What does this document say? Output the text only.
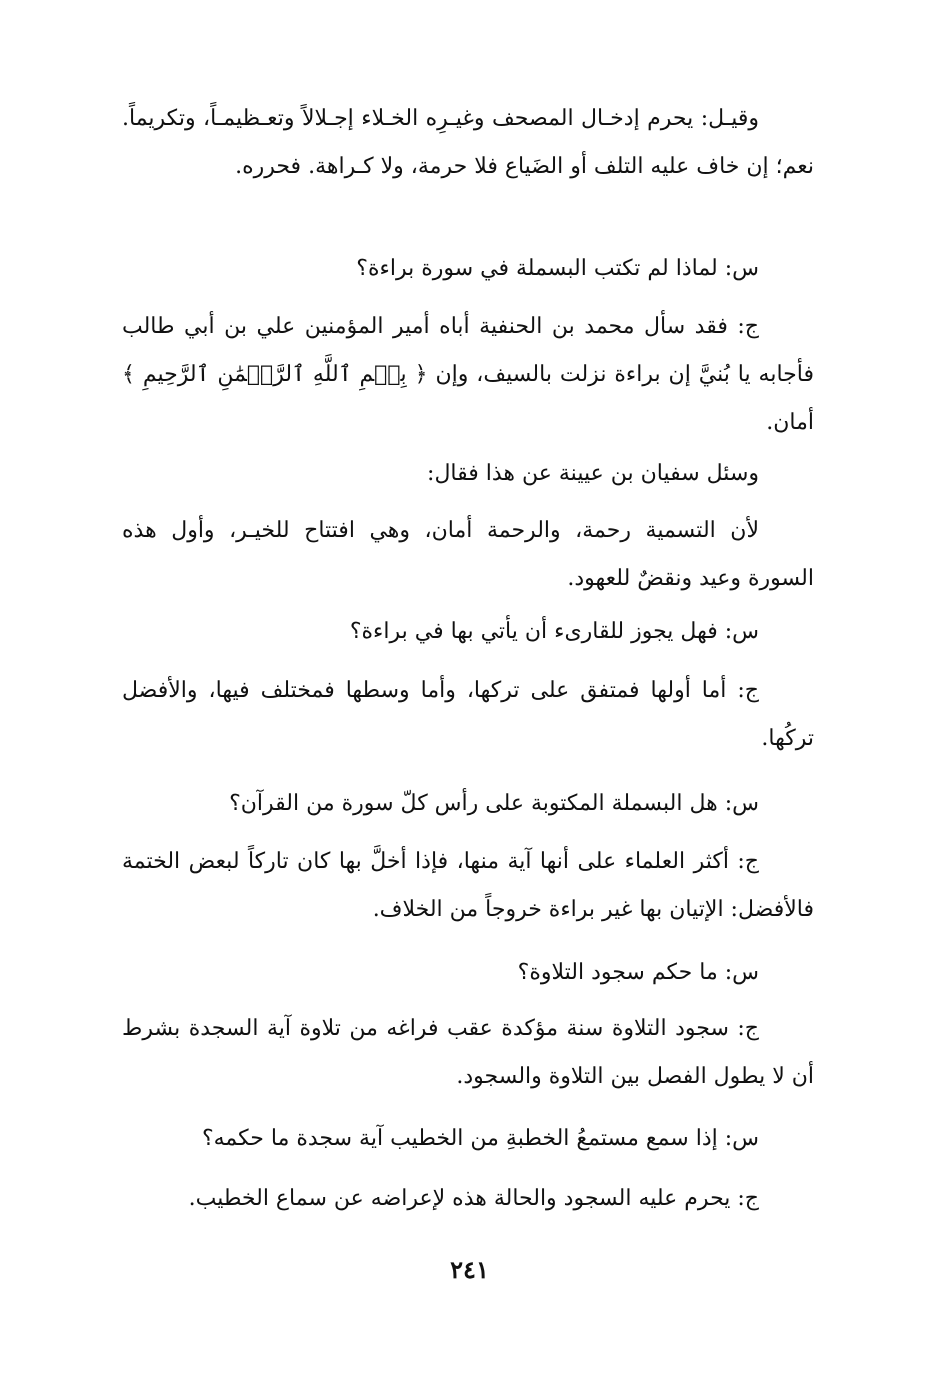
وقيـل: يحرم إدخـال المصحف وغيـرِه الخـلاء إجـلالاً وتعـظيمـاً، وتكريماً. نعم؛ إن خاف عليه التلف أو الضَياع فلا حرمة، ولا كـراهة. فحرره.
س: لماذا لم تكتب البسملة في سورة براءة؟
ج: فقد سأل محمد بن الحنفية أباه أمير المؤمنين علي بن أبي طالب فأجابه يا بُنيَّ إن براءة نزلت بالسيف، وإن ﴿ بِسۡمِ ٱللَّهِ ٱلرَّحۡمَٰنِ ٱلرَّحِيمِ ﴾ أمان.
وسئل سفيان بن عيينة عن هذا فقال:
لأن التسمية رحمة، والرحمة أمان، وهي افتتاح للخيـر، وأول هذه السورة وعيد ونقضٌ للعهود.
س: فهل يجوز للقارىء أن يأتي بها في براءة؟
ج: أما أولها فمتفق على تركها، وأما وسطها فمختلف فيها، والأفضل تركُها.
س: هل البسملة المكتوبة على رأس كلّ سورة من القرآن؟
ج: أكثر العلماء على أنها آية منها، فإذا أخلَّ بها كان تاركاً لبعض الختمة فالأفضل: الإتيان بها غير براءة خروجاً من الخلاف.
س: ما حكم سجود التلاوة؟
ج: سجود التلاوة سنة مؤكدة عقب فراغه من تلاوة آية السجدة بشرط أن لا يطول الفصل بين التلاوة والسجود.
س: إذا سمع مستمعُ الخطبةِ من الخطيب آية سجدة ما حكمه؟
ج: يحرم عليه السجود والحالة هذه لإعراضه عن سماع الخطيب.
٢٤١
